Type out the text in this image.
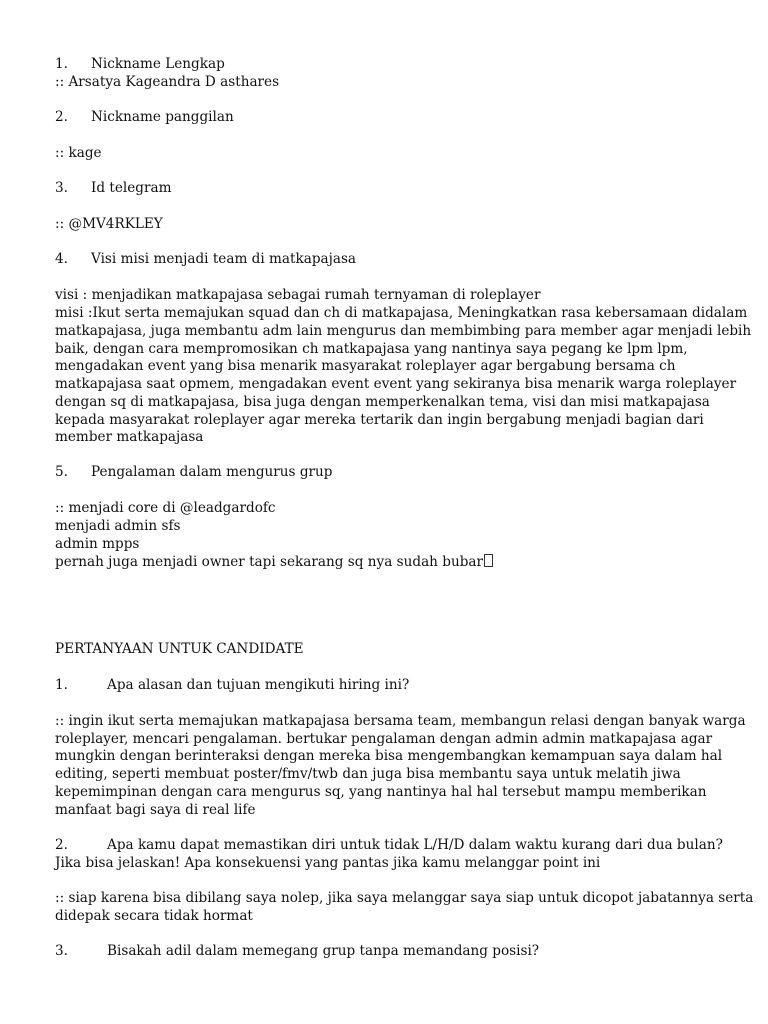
1. Nickname Lengkap
:: Arsatya Kageandra D asthares
2. Nickname panggilan
:: kage
3. Id telegram
:: @MV4RKLEY
4. Visi misi menjadi team di matkapajasa
visi : menjadikan matkapajasa sebagai rumah ternyaman di roleplayer
misi :Ikut serta memajukan squad dan ch di matkapajasa, Meningkatkan rasa kebersamaan didalam
matkapajasa, juga membantu adm lain mengurus dan membimbing para member agar menjadi lebih
baik, dengan cara mempromosikan ch matkapajasa yang nantinya saya pegang ke lpm lpm,
mengadakan event yang bisa menarik masyarakat roleplayer agar bergabung bersama ch
matkapajasa saat opmem, mengadakan event event yang sekiranya bisa menarik warga roleplayer
dengan sq di matkapajasa, bisa juga dengan memperkenalkan tema, visi dan misi matkapajasa
kepada masyarakat roleplayer agar mereka tertarik dan ingin bergabung menjadi bagian dari
member matkapajasa
5. Pengalaman dalam mengurus grup
:: menjadi core di @leadgardofc
menjadi admin sfs
admin mpps
pernah juga menjadi owner tapi sekarang sq nya sudah bubar
PERTANYAAN UNTUK CANDIDATE
1.	Apa alasan dan tujuan mengikuti hiring ini?
:: ingin ikut serta memajukan matkapajasa bersama team, membangun relasi dengan banyak warga
roleplayer, mencari pengalaman. bertukar pengalaman dengan admin admin matkapajasa agar
mungkin dengan berinteraksi dengan mereka bisa mengembangkan kemampuan saya dalam hal
editing, seperti membuat poster/fmv/twb dan juga bisa membantu saya untuk melatih jiwa
kepemimpinan dengan cara mengurus sq, yang nantinya hal hal tersebut mampu memberikan
manfaat bagi saya di real life
2.	Apa kamu dapat memastikan diri untuk tidak L/H/D dalam waktu kurang dari dua bulan?
Jika bisa jelaskan! Apa konsekuensi yang pantas jika kamu melanggar point ini
:: siap karena bisa dibilang saya nolep, jika saya melanggar saya siap untuk dicopot jabatannya serta
didepak secara tidak hormat
3.	Bisakah adil dalam memegang grup tanpa memandang posisi?
